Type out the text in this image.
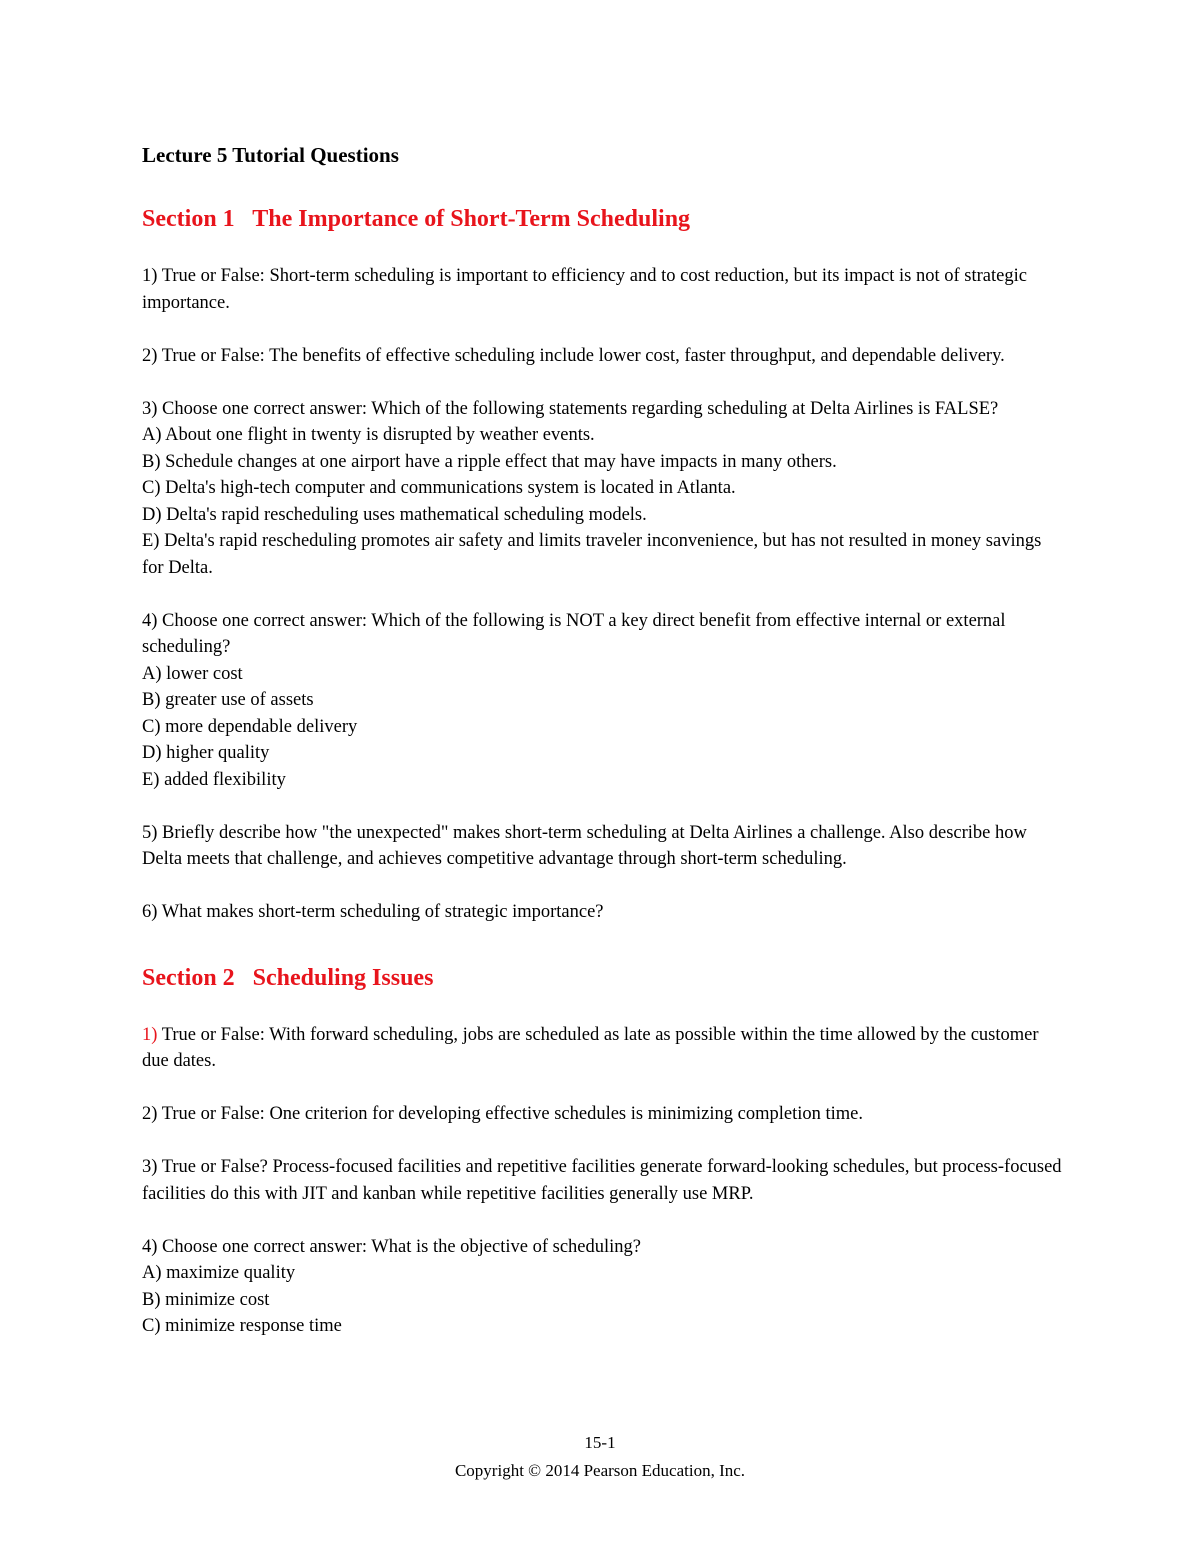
Lecture 5 Tutorial Questions
Section 1 The Importance of Short-Term Scheduling
1) True or False: Short-term scheduling is important to efficiency and to cost reduction, but its impact is not of strategic importance.
2) True or False: The benefits of effective scheduling include lower cost, faster throughput, and dependable delivery.
3) Choose one correct answer: Which of the following statements regarding scheduling at Delta Airlines is FALSE?
A) About one flight in twenty is disrupted by weather events.
B) Schedule changes at one airport have a ripple effect that may have impacts in many others.
C) Delta's high-tech computer and communications system is located in Atlanta.
D) Delta's rapid rescheduling uses mathematical scheduling models.
E) Delta's rapid rescheduling promotes air safety and limits traveler inconvenience, but has not resulted in money savings for Delta.
4) Choose one correct answer: Which of the following is NOT a key direct benefit from effective internal or external scheduling?
A) lower cost
B) greater use of assets
C) more dependable delivery
D) higher quality
E) added flexibility
5) Briefly describe how "the unexpected" makes short-term scheduling at Delta Airlines a challenge. Also describe how Delta meets that challenge, and achieves competitive advantage through short-term scheduling.
6) What makes short-term scheduling of strategic importance?
Section 2 Scheduling Issues
1) True or False: With forward scheduling, jobs are scheduled as late as possible within the time allowed by the customer due dates.
2) True or False: One criterion for developing effective schedules is minimizing completion time.
3) True or False? Process-focused facilities and repetitive facilities generate forward-looking schedules, but process-focused facilities do this with JIT and kanban while repetitive facilities generally use MRP.
4) Choose one correct answer: What is the objective of scheduling?
A) maximize quality
B) minimize cost
C) minimize response time
15-1
Copyright © 2014 Pearson Education, Inc.
